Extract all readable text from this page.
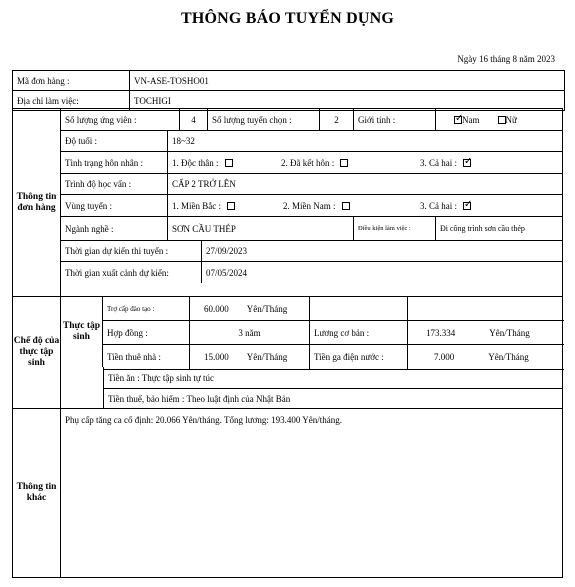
THÔNG BÁO TUYỂN DỤNG
Ngày 16 tháng 8 năm 2023
Mã đơn hàng :	VN-ASE-TOSHO01
Địa chỉ làm việc:	TOCHIGI
Thông tin đơn hàng
Số lượng ứng viên :	4	Số lượng tuyển chọn :	2	Giới tính :
✓	Nam	Nữ
Độ tuổi :	18~32
Tình trạng hôn nhân :	1. Độc thân :	2. Đã kết hôn :	3. Cả hai :
✓
Trình độ học vấn :	CẤP 2 TRỞ LÊN
Vùng tuyển :	1. Miền Bắc :	2. Miền Nam :	3. Cả hai :
✓
Ngành nghề :	SƠN CẦU THÉP	Điều kiện làm việc :	Đi công trình sơn cầu thép
Thời gian dự kiến thi tuyển :	27/09/2023
Thời gian xuất cảnh dự kiến:	07/05/2024
Chế độ của thực tập sinh
Thực tập sinh
Trợ cấp đào tạo :	60.000 Yên/Tháng
Hợp đồng :	3 năm	Lương cơ bản :	173.334	Yên/Tháng
Tiền thuê nhà :	15.000 Yên/Tháng	Tiền ga điện nước :	7.000	Yên/Tháng
Tiền ăn : Thực tập sinh tự túc
Tiền thuế, bảo hiểm : Theo luật định của Nhật Bản
Thông tin khác
Phụ cấp tăng ca cố định: 20.066 Yên/tháng. Tổng lương: 193.400 Yên/tháng.
